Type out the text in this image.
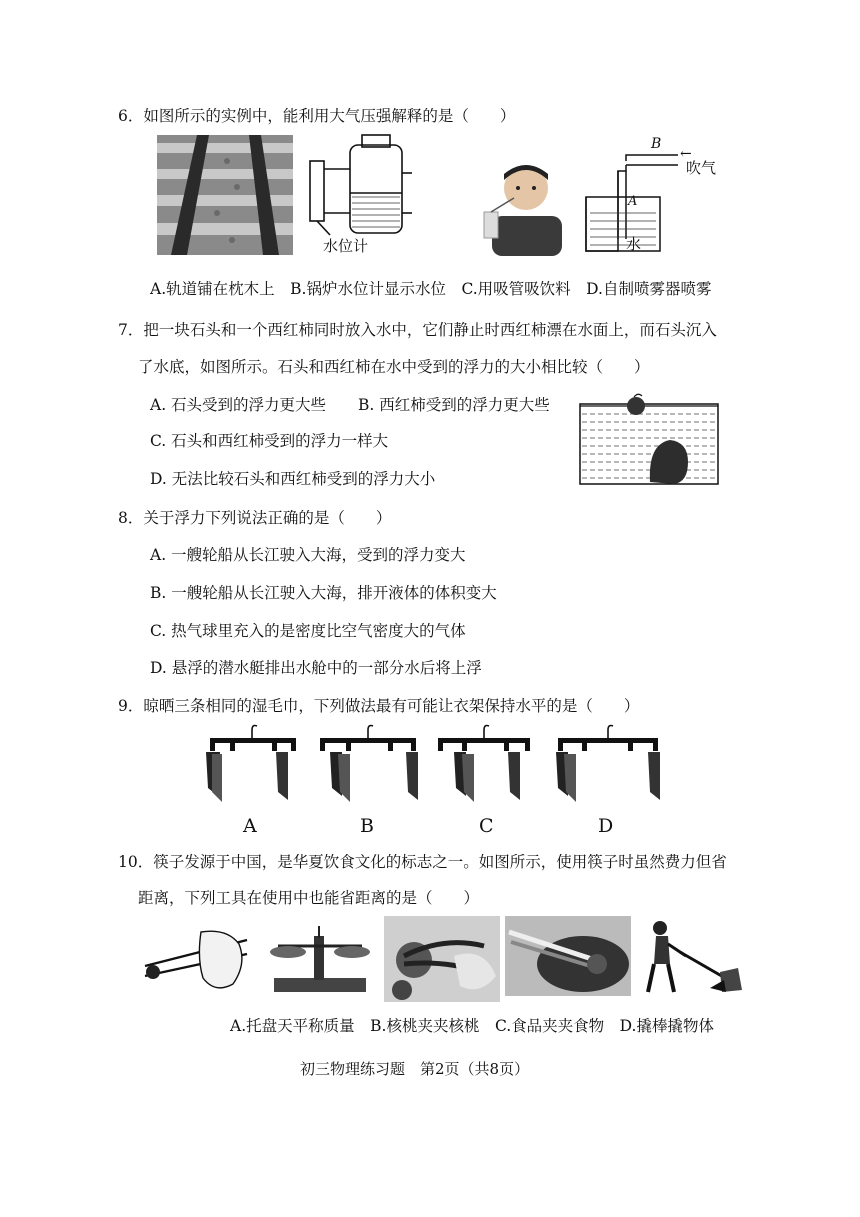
6．如图所示的实例中，能利用大气压强解释的是（　　）
水位计
B
吹气
←
A
水
A.轨道铺在枕木上　B.锅炉水位计显示水位　C.用吸管吸饮料　D.自制喷雾器喷雾
7．把一块石头和一个西红柿同时放入水中，它们静止时西红柿漂在水面上，而石头沉入
了水底，如图所示。石头和西红柿在水中受到的浮力的大小相比较（　　）
A. 石头受到的浮力更大些 B. 西红柿受到的浮力更大些
C. 石头和西红柿受到的浮力一样大
D. 无法比较石头和西红柿受到的浮力大小
8．关于浮力下列说法正确的是（　　）
A. 一艘轮船从长江驶入大海，受到的浮力变大
B. 一艘轮船从长江驶入大海，排开液体的体积变大
C. 热气球里充入的是密度比空气密度大的气体
D. 悬浮的潜水艇排出水舱中的一部分水后将上浮
9．晾晒三条相同的湿毛巾，下列做法最有可能让衣架保持水平的是（　　）
A	B	C	D
10．筷子发源于中国，是华夏饮食文化的标志之一。如图所示，使用筷子时虽然费力但省
距离，下列工具在使用中也能省距离的是（　　）
A.托盘天平称质量　B.核桃夹夹核桃　C.食品夹夹食物　D.撬棒撬物体
初三物理练习题　第2页（共8页）
